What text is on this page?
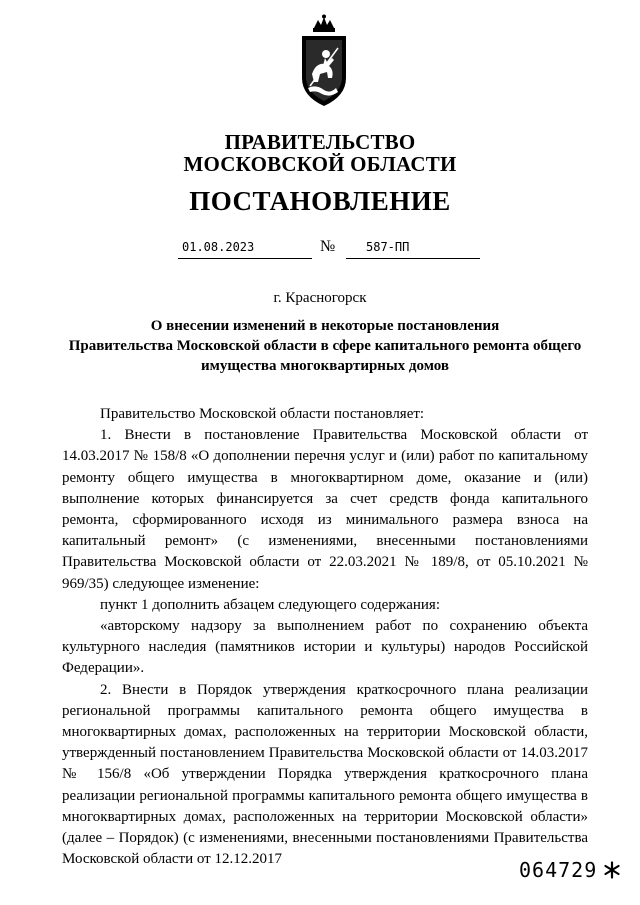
ПРАВИТЕЛЬСТВО
МОСКОВСКОЙ ОБЛАСТИ
ПОСТАНОВЛЕНИЕ
01.08.2023	№	587-ПП
г. Красногорск
О внесении изменений в некоторые постановления
Правительства Московской области в сфере капитального ремонта общего
имущества многоквартирных домов

Правительство Московской области постановляет:

1. Внести в постановление Правительства Московской области от 14.03.2017 № 158/8 «О дополнении перечня услуг и (или) работ по капитальному ремонту общего имущества в многоквартирном доме, оказание и (или) выполнение которых финансируется за счет средств фонда капитального ремонта, сформированного исходя из минимального размера взноса на капитальный ремонт» (с изменениями, внесенными постановлениями Правительства Московской области от 22.03.2021 № 189/8, от 05.10.2021 № 969/35) следующее изменение:

пункт 1 дополнить абзацем следующего содержания:

«авторскому надзору за выполнением работ по сохранению объекта культурного наследия (памятников истории и культуры) народов Российской Федерации».

2. Внести в Порядок утверждения краткосрочного плана реализации региональной программы капитального ремонта общего имущества в многоквартирных домах, расположенных на территории Московской области, утвержденный постановлением Правительства Московской области от 14.03.2017 № 156/8 «Об утверждении Порядка утверждения краткосрочного плана реализации региональной программы капитального ремонта общего имущества в многоквартирных домах, расположенных на территории Московской области» (далее – Порядок) (с изменениями, внесенными постановлениями Правительства Московской области от 12.12.2017	064729
